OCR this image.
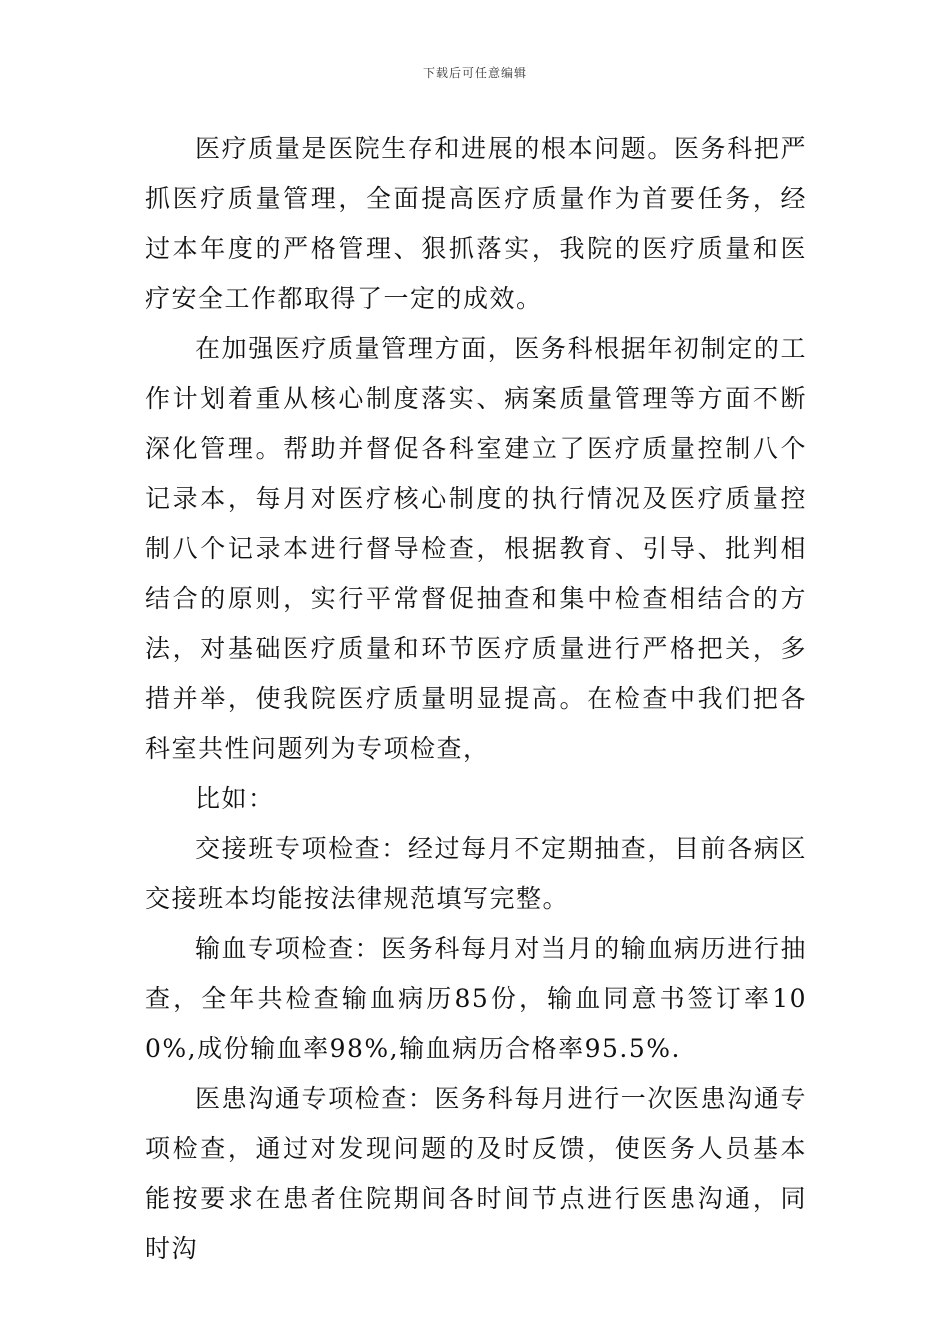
下载后可任意编辑

医疗质量是医院生存和进展的根本问题。医务科把严抓医疗质量管理，全面提高医疗质量作为首要任务，经过本年度的严格管理、狠抓落实，我院的医疗质量和医疗安全工作都取得了一定的成效。

在加强医疗质量管理方面，医务科根据年初制定的工作计划着重从核心制度落实、病案质量管理等方面不断深化管理。帮助并督促各科室建立了医疗质量控制八个记录本，每月对医疗核心制度的执行情况及医疗质量控制八个记录本进行督导检查，根据教育、引导、批判相结合的原则，实行平常督促抽查和集中检查相结合的方法，对基础医疗质量和环节医疗质量进行严格把关，多措并举，使我院医疗质量明显提高。在检查中我们把各科室共性问题列为专项检查，

比如：

交接班专项检查：经过每月不定期抽查，目前各病区交接班本均能按法律规范填写完整。

输血专项检查：医务科每月对当月的输血病历进行抽查，全年共检查输血病历85份，输血同意书签订率100%,成份输血率98%,输血病历合格率95.5%.

医患沟通专项检查：医务科每月进行一次医患沟通专项检查，通过对发现问题的及时反馈，使医务人员基本能按要求在患者住院期间各时间节点进行医患沟通，同时沟
